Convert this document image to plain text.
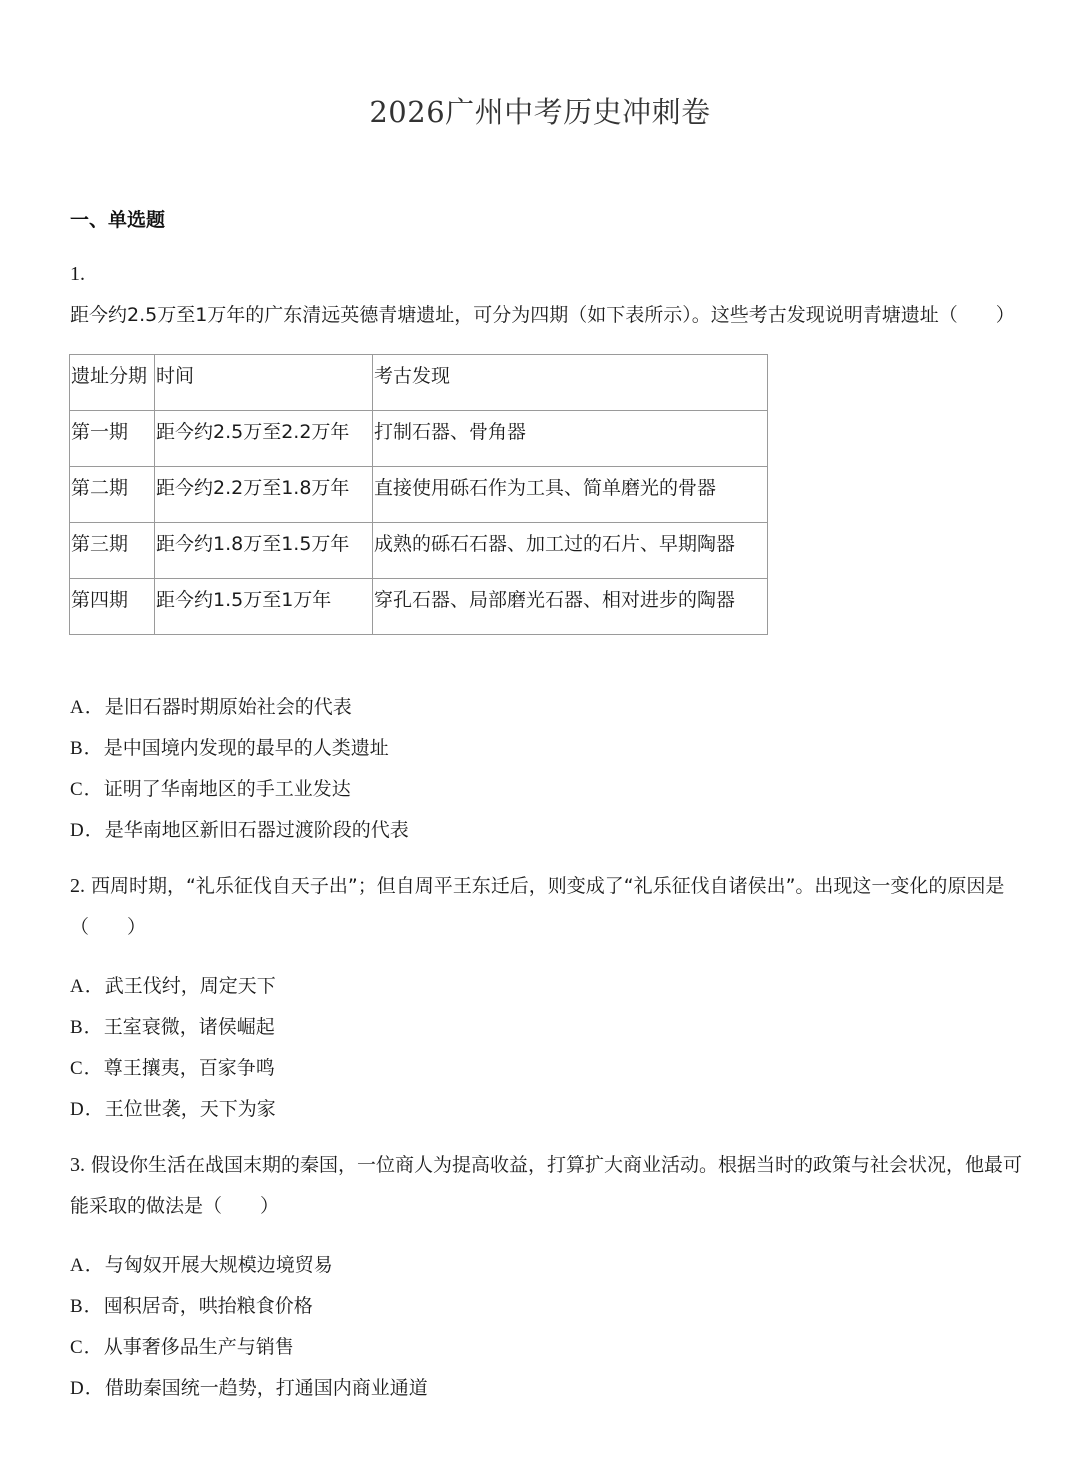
2026广州中考历史冲刺卷
一、单选题
1. 距今约2.5万至1万年的广东清远英德青塘遗址，可分为四期（如下表所示）。这些考古发现说明青塘遗址（　　）
遗址分期	时间	考古发现
第一期	距今约2.5万至2.2万年	打制石器、骨角器
第二期	距今约2.2万至1.8万年	直接使用砾石作为工具、简单磨光的骨器
第三期	距今约1.8万至1.5万年	成熟的砾石石器、加工过的石片、早期陶器
第四期	距今约1.5万至1万年	穿孔石器、局部磨光石器、相对进步的陶器
A．是旧石器时期原始社会的代表
B．是中国境内发现的最早的人类遗址
C．证明了华南地区的手工业发达
D．是华南地区新旧石器过渡阶段的代表
2. 西周时期，“礼乐征伐自天子出”；但自周平王东迁后，则变成了“礼乐征伐自诸侯出”。出现这一变化的原因是（　　）
A．武王伐纣，周定天下
B．王室衰微，诸侯崛起
C．尊王攘夷，百家争鸣
D．王位世袭，天下为家
3. 假设你生活在战国末期的秦国，一位商人为提高收益，打算扩大商业活动。根据当时的政策与社会状况，他最可能采取的做法是（　　）
A．与匈奴开展大规模边境贸易
B．囤积居奇，哄抬粮食价格
C．从事奢侈品生产与销售
D．借助秦国统一趋势，打通国内商业通道
